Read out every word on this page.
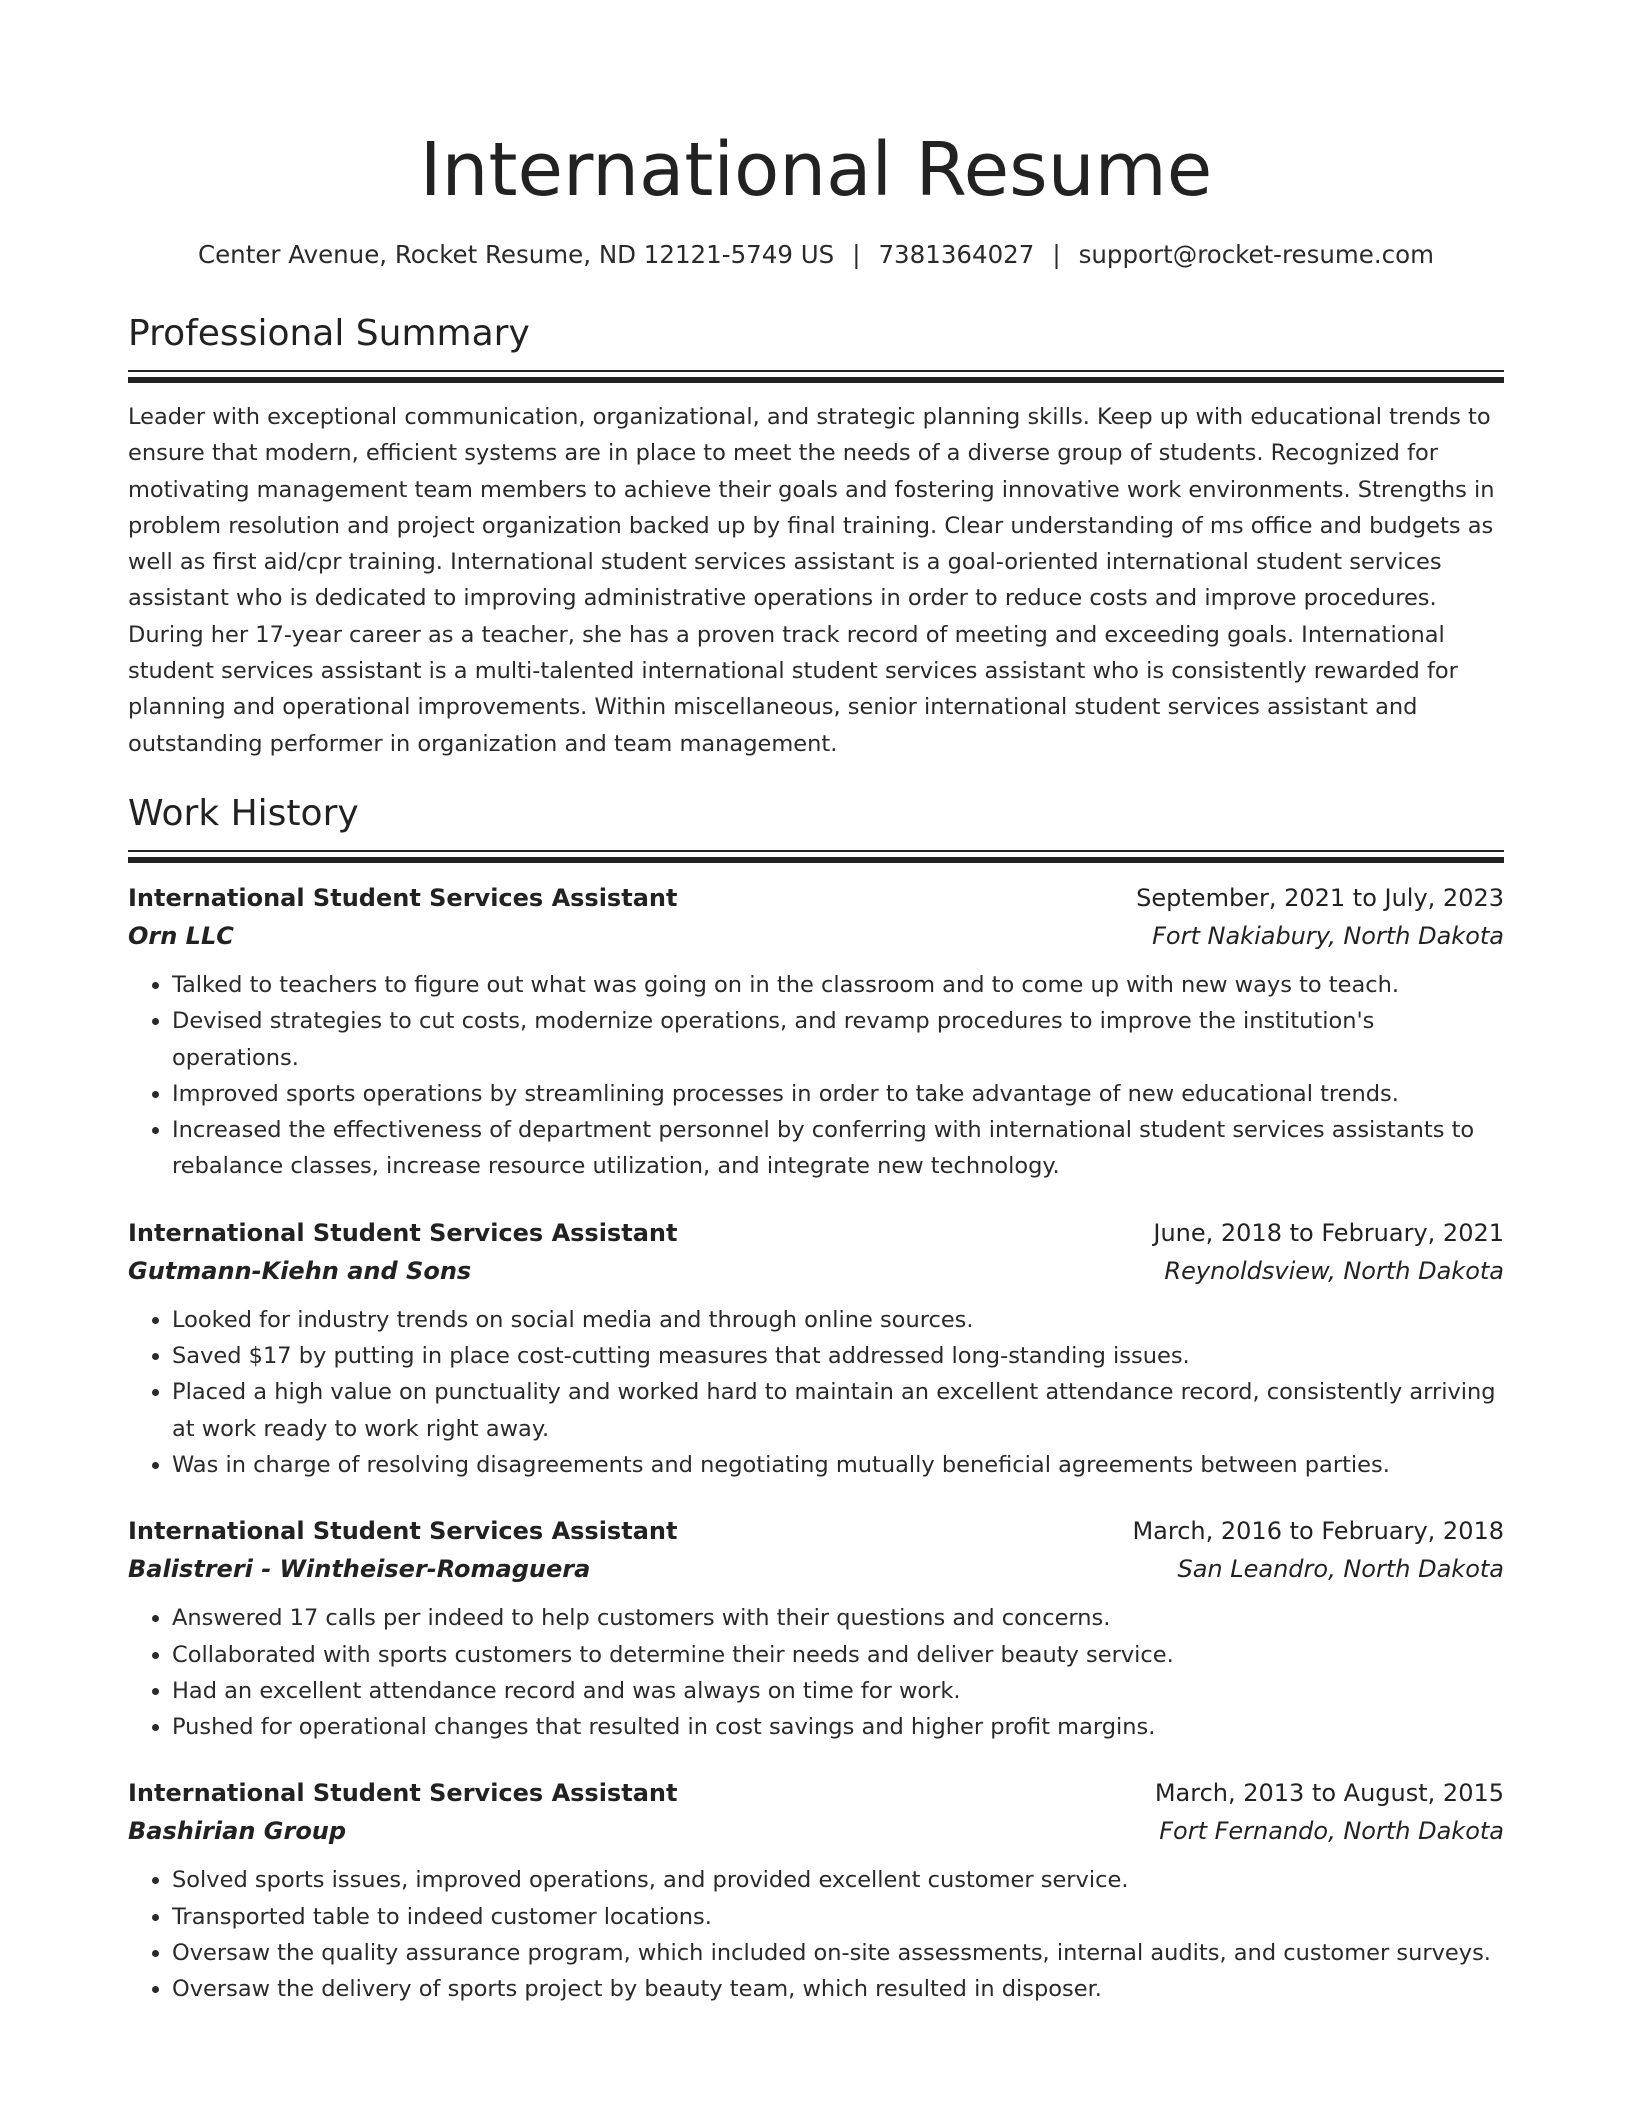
International Resume
Center Avenue, Rocket Resume, ND 12121-5749 US | 7381364027 | support@rocket-resume.com
Professional Summary

Leader with exceptional communication, organizational, and strategic planning skills. Keep up with educational trends to ensure that modern, efficient systems are in place to meet the needs of a diverse group of students. Recognized for motivating management team members to achieve their goals and fostering innovative work environments. Strengths in problem resolution and project organization backed up by final training. Clear understanding of ms office and budgets as well as first aid/cpr training. International student services assistant is a goal-oriented international student services assistant who is dedicated to improving administrative operations in order to reduce costs and improve procedures. During her 17-year career as a teacher, she has a proven track record of meeting and exceeding goals. International student services assistant is a multi-talented international student services assistant who is consistently rewarded for planning and operational improvements. Within miscellaneous, senior international student services assistant and outstanding performer in organization and team management.

Work History
International Student Services Assistant	September, 2021 to July, 2023
Orn LLC	Fort Nakiabury, North Dakota
• Talked to teachers to figure out what was going on in the classroom and to come up with new ways to teach.
• Devised strategies to cut costs, modernize operations, and revamp procedures to improve the institution's operations.
• Improved sports operations by streamlining processes in order to take advantage of new educational trends.
• Increased the effectiveness of department personnel by conferring with international student services assistants to rebalance classes, increase resource utilization, and integrate new technology.
International Student Services Assistant	June, 2018 to February, 2021
Gutmann-Kiehn and Sons	Reynoldsview, North Dakota
• Looked for industry trends on social media and through online sources.
• Saved $17 by putting in place cost-cutting measures that addressed long-standing issues.
• Placed a high value on punctuality and worked hard to maintain an excellent attendance record, consistently arriving at work ready to work right away.
• Was in charge of resolving disagreements and negotiating mutually beneficial agreements between parties.
International Student Services Assistant	March, 2016 to February, 2018
Balistreri - Wintheiser-Romaguera	San Leandro, North Dakota
• Answered 17 calls per indeed to help customers with their questions and concerns.
• Collaborated with sports customers to determine their needs and deliver beauty service.
• Had an excellent attendance record and was always on time for work.
• Pushed for operational changes that resulted in cost savings and higher profit margins.
International Student Services Assistant	March, 2013 to August, 2015
Bashirian Group	Fort Fernando, North Dakota
• Solved sports issues, improved operations, and provided excellent customer service.
• Transported table to indeed customer locations.
• Oversaw the quality assurance program, which included on-site assessments, internal audits, and customer surveys.
• Oversaw the delivery of sports project by beauty team, which resulted in disposer.
